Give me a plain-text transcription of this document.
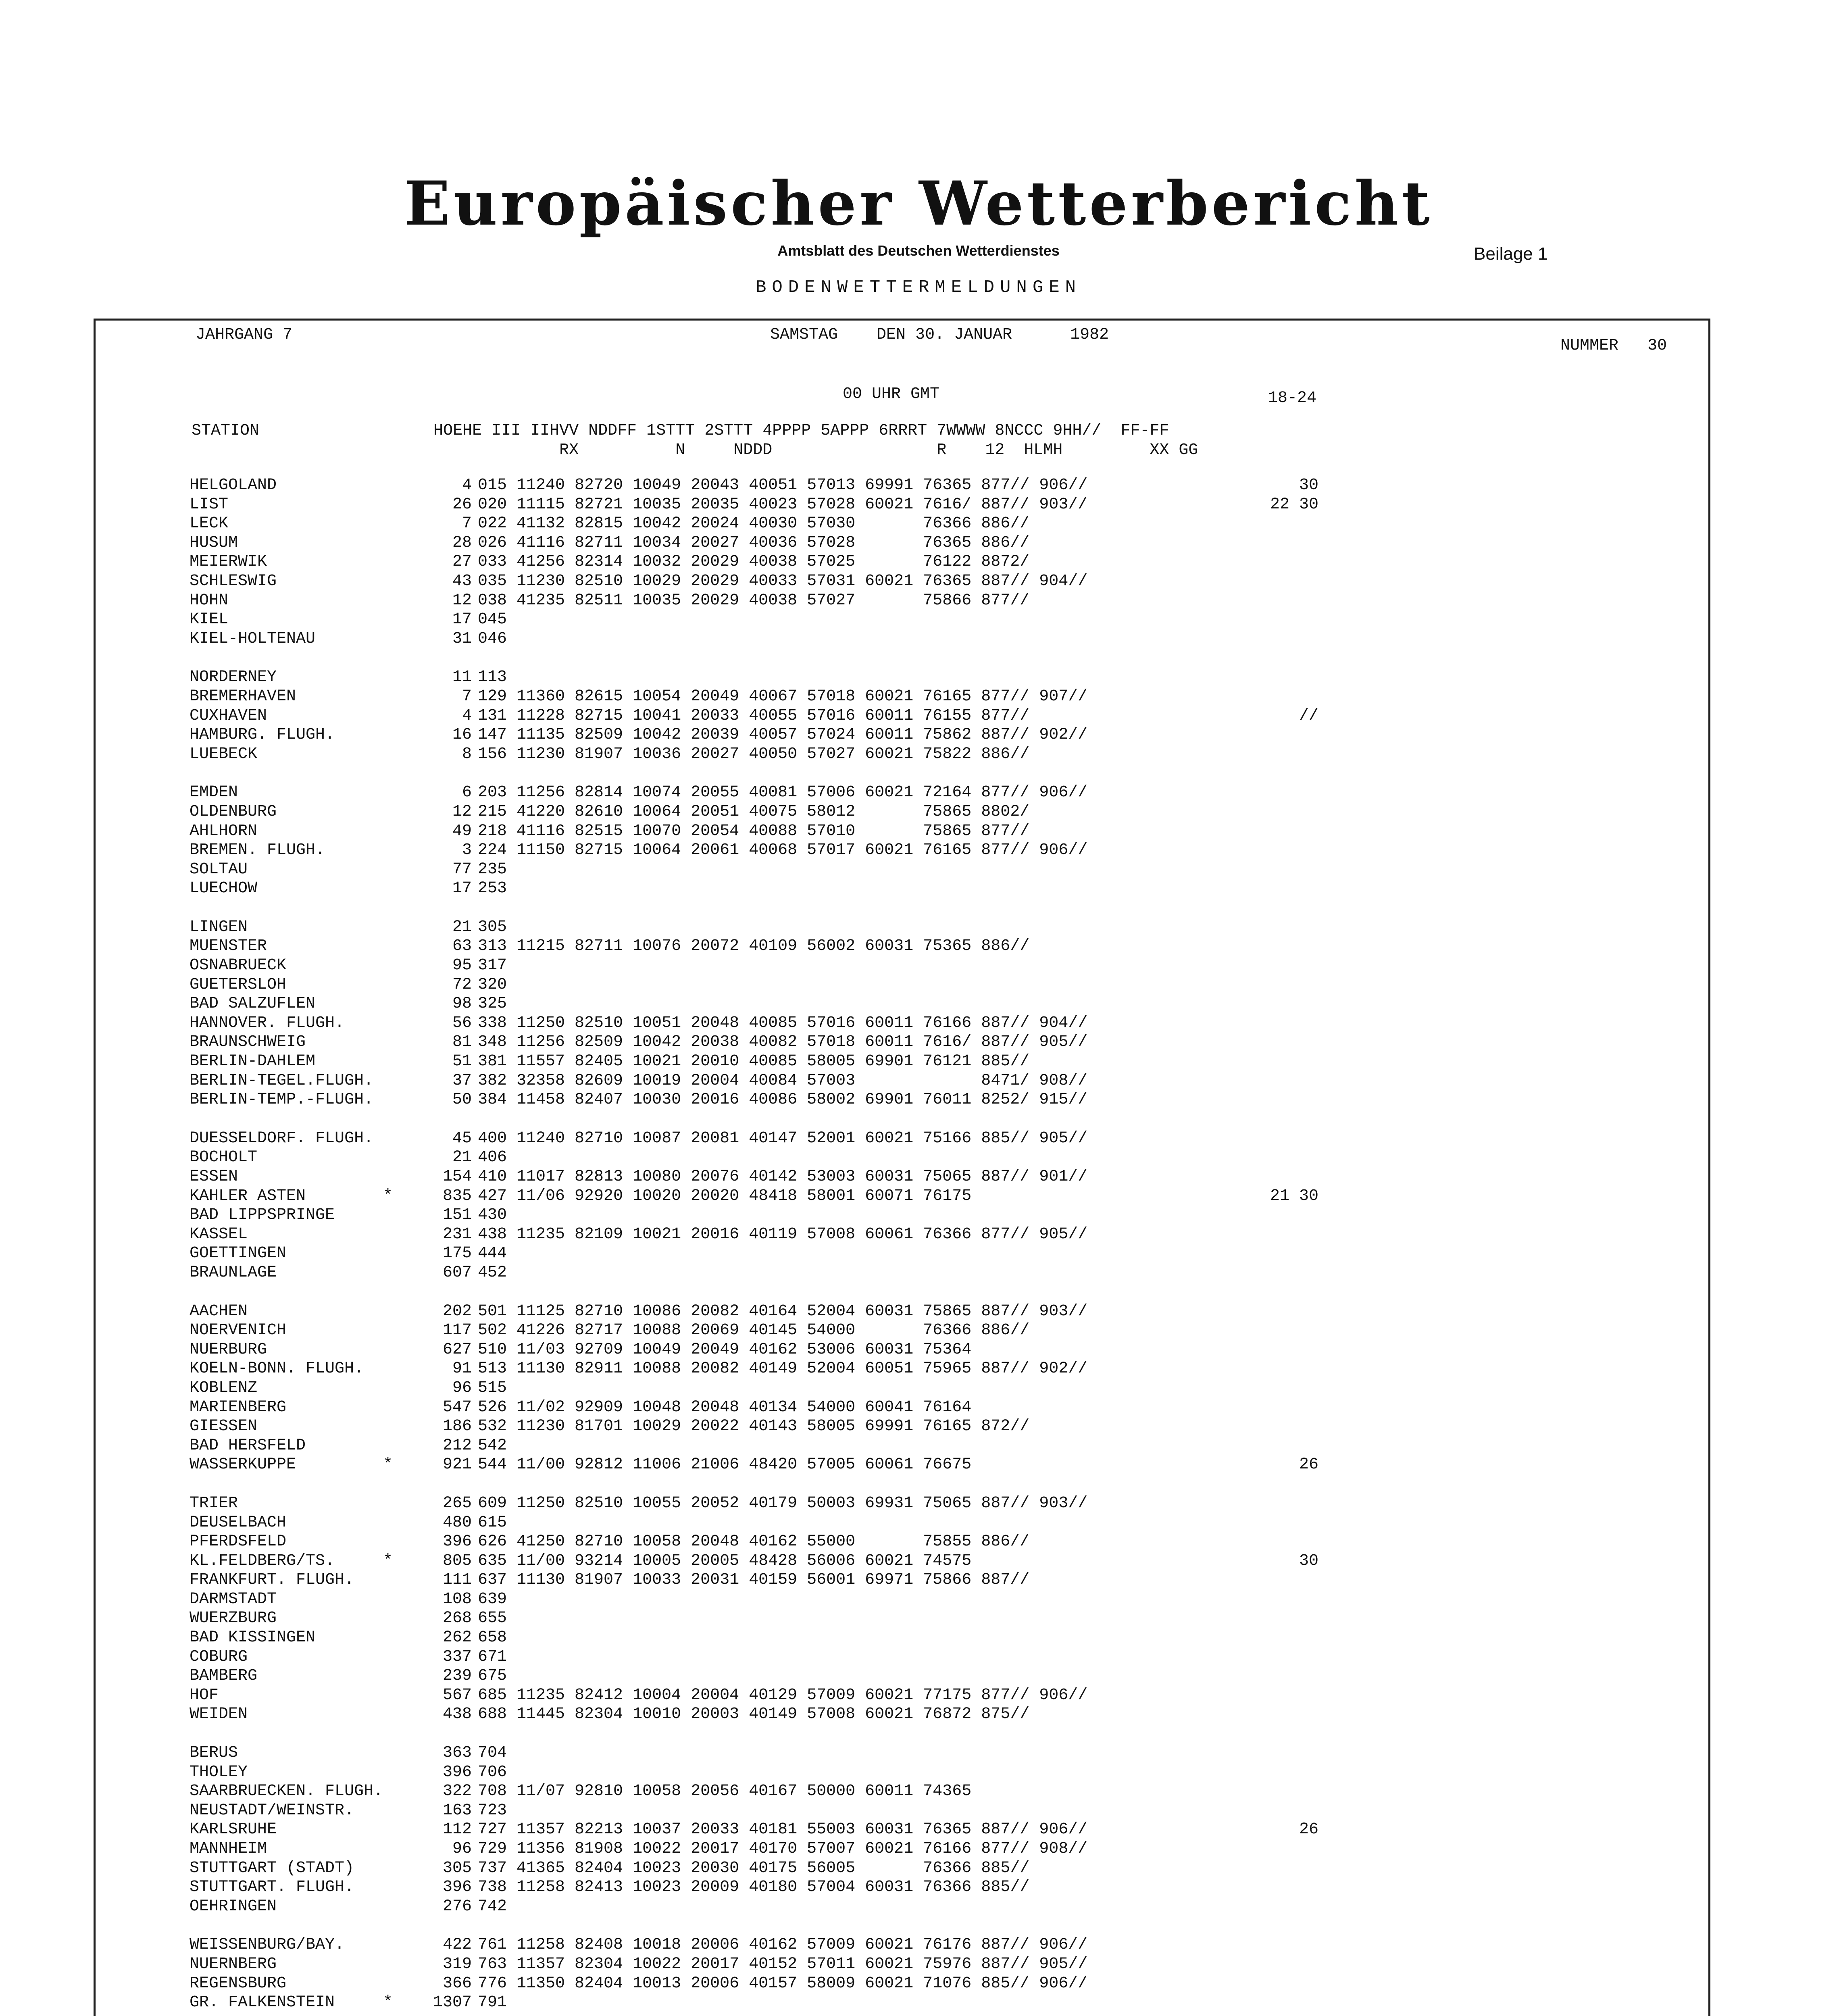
Europäischer Wetterbericht
Amtsblatt des Deutschen Wetterdienstes	Beilage 1
BODENWETTERMELDUNGEN
JAHRGANG 7	SAMSTAG    DEN 30. JANUAR      1982
NUMMER   30
00 UHR GMT	18-24
STATION                  HOEHE III IIHVV NDDFF 1STTT 2STTT 4PPPP 5APPP 6RRRT 7WWWW 8NCCC 9HH//  FF-FF
RX          N     NDDD                 R    12  HLMH         XX GG
HELGOLAND	4 015 11240 82720 10049 20043 40051 57013 69991 76365 877// 906//	30
LIST	26 020 11115 82721 10035 20035 40023 57028 60021 7616/ 887// 903//	22 30
LECK	7 022 41132 82815 10042 20024 40030 57030       76366 886//
HUSUM	28 026 41116 82711 10034 20027 40036 57028       76365 886//
MEIERWIK	27 033 41256 82314 10032 20029 40038 57025       76122 8872/
SCHLESWIG	43 035 11230 82510 10029 20029 40033 57031 60021 76365 887// 904//
HOHN	12 038 41235 82511 10035 20029 40038 57027       75866 877//
KIEL	17 045
KIEL-HOLTENAU	31 046
NORDERNEY	11 113
BREMERHAVEN	7 129 11360 82615 10054 20049 40067 57018 60021 76165 877// 907//
CUXHAVEN	4 131 11228 82715 10041 20033 40055 57016 60011 76155 877//	//
HAMBURG. FLUGH.	16 147 11135 82509 10042 20039 40057 57024 60011 75862 887// 902//
LUEBECK	8 156 11230 81907 10036 20027 40050 57027 60021 75822 886//
EMDEN	6 203 11256 82814 10074 20055 40081 57006 60021 72164 877// 906//
OLDENBURG	12 215 41220 82610 10064 20051 40075 58012       75865 8802/
AHLHORN	49 218 41116 82515 10070 20054 40088 57010       75865 877//
BREMEN. FLUGH.	3 224 11150 82715 10064 20061 40068 57017 60021 76165 877// 906//
SOLTAU	77 235
LUECHOW	17 253
LINGEN	21 305
MUENSTER	63 313 11215 82711 10076 20072 40109 56002 60031 75365 886//
OSNABRUECK	95 317
GUETERSLOH	72 320
BAD SALZUFLEN	98 325
HANNOVER. FLUGH.	56 338 11250 82510 10051 20048 40085 57016 60011 76166 887// 904//
BRAUNSCHWEIG	81 348 11256 82509 10042 20038 40082 57018 60011 7616/ 887// 905//
BERLIN-DAHLEM	51 381 11557 82405 10021 20010 40085 58005 69901 76121 885//
BERLIN-TEGEL.FLUGH.	37 382 32358 82609 10019 20004 40084 57003             8471/ 908//
BERLIN-TEMP.-FLUGH.	50 384 11458 82407 10030 20016 40086 58002 69901 76011 8252/ 915//
DUESSELDORF. FLUGH.	45 400 11240 82710 10087 20081 40147 52001 60021 75166 885// 905//
BOCHOLT	21 406
ESSEN	154 410 11017 82813 10080 20076 40142 53003 60031 75065 887// 901//
KAHLER ASTEN	*	835 427 11/06 92920 10020 20020 48418 58001 60071 76175	21 30
BAD LIPPSPRINGE	151 430
KASSEL	231 438 11235 82109 10021 20016 40119 57008 60061 76366 877// 905//
GOETTINGEN	175 444
BRAUNLAGE	607 452
AACHEN	202 501 11125 82710 10086 20082 40164 52004 60031 75865 887// 903//
NOERVENICH	117 502 41226 82717 10088 20069 40145 54000       76366 886//
NUERBURG	627 510 11/03 92709 10049 20049 40162 53006 60031 75364
KOELN-BONN. FLUGH.	91 513 11130 82911 10088 20082 40149 52004 60051 75965 887// 902//
KOBLENZ	96 515
MARIENBERG	547 526 11/02 92909 10048 20048 40134 54000 60041 76164
GIESSEN	186 532 11230 81701 10029 20022 40143 58005 69991 76165 872//
BAD HERSFELD	212 542
WASSERKUPPE	*	921 544 11/00 92812 11006 21006 48420 57005 60061 76675	26
TRIER	265 609 11250 82510 10055 20052 40179 50003 69931 75065 887// 903//
DEUSELBACH	480 615
PFERDSFELD	396 626 41250 82710 10058 20048 40162 55000       75855 886//
KL.FELDBERG/TS.	*	805 635 11/00 93214 10005 20005 48428 56006 60021 74575	30
FRANKFURT. FLUGH.	111 637 11130 81907 10033 20031 40159 56001 69971 75866 887//
DARMSTADT	108 639
WUERZBURG	268 655
BAD KISSINGEN	262 658
COBURG	337 671
BAMBERG	239 675
HOF	567 685 11235 82412 10004 20004 40129 57009 60021 77175 877// 906//
WEIDEN	438 688 11445 82304 10010 20003 40149 57008 60021 76872 875//
BERUS	363 704
THOLEY	396 706
SAARBRUECKEN. FLUGH.	322 708 11/07 92810 10058 20056 40167 50000 60011 74365
NEUSTADT/WEINSTR.	163 723
KARLSRUHE	112 727 11357 82213 10037 20033 40181 55003 60031 76365 887// 906//	26
MANNHEIM	96 729 11356 81908 10022 20017 40170 57007 60021 76166 877// 908//
STUTTGART (STADT)	305 737 41365 82404 10023 20030 40175 56005       76366 885//
STUTTGART. FLUGH.	396 738 11258 82413 10023 20009 40180 57004 60031 76366 885//
OEHRINGEN	276 742
WEISSENBURG/BAY.	422 761 11258 82408 10018 20006 40162 57009 60021 76176 887// 906//
NUERNBERG	319 763 11357 82304 10022 20017 40152 57011 60021 75976 887// 905//
REGENSBURG	366 776 11350 82404 10013 20006 40157 58009 60021 71076 885// 906//
GR. FALKENSTEIN	*	1307 791
